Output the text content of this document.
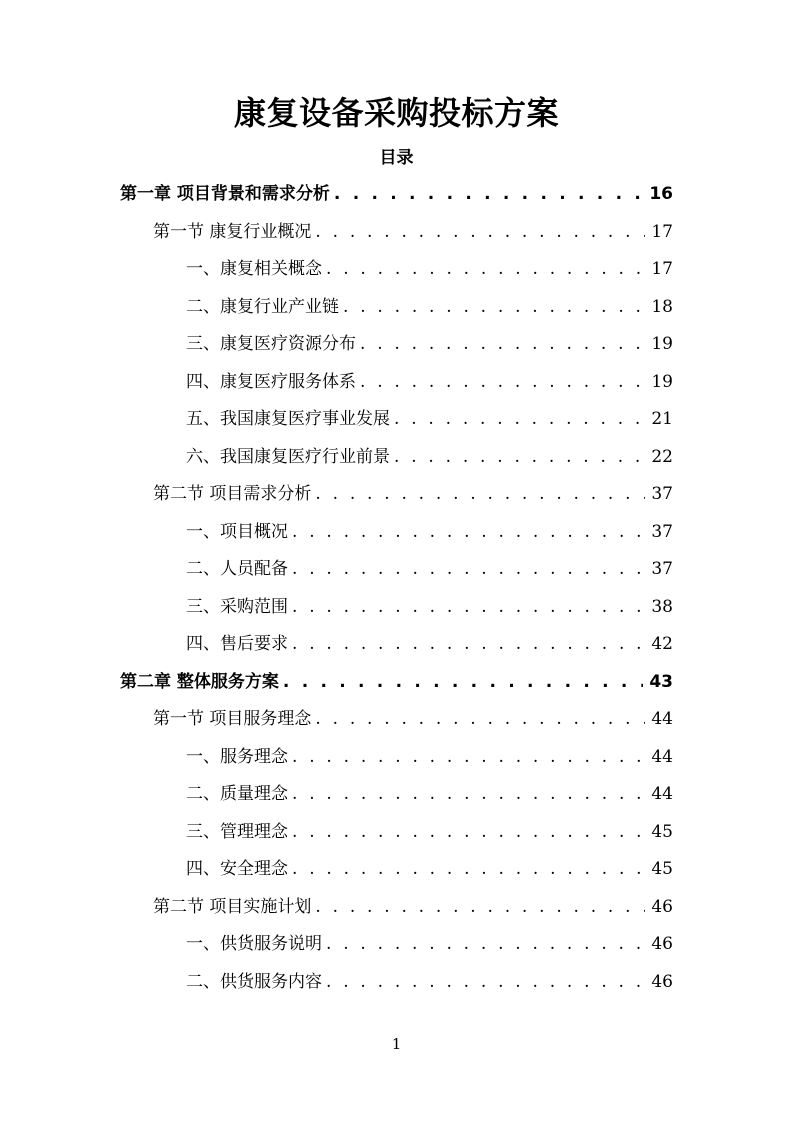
康复设备采购投标方案
目录
第一章 项目背景和需求分析 . . .	16
第一节 康复行业概况 . . .	17
一、康复相关概念 . . .	17
二、康复行业产业链 . . .	18
三、康复医疗资源分布 . . .	19
四、康复医疗服务体系 . . .	19
五、我国康复医疗事业发展 . . .	21
六、我国康复医疗行业前景 . . .	22
第二节 项目需求分析 . . .	37
一、项目概况 . . .	37
二、人员配备 . . .	37
三、采购范围 . . .	38
四、售后要求 . . .	42
第二章 整体服务方案 . . .	43
第一节 项目服务理念 . . .	44
一、服务理念 . . .	44
二、质量理念 . . .	44
三、管理理念 . . .	45
四、安全理念 . . .	45
第二节 项目实施计划 . . .	46
一、供货服务说明 . . .	46
二、供货服务内容 . . .	46
1
